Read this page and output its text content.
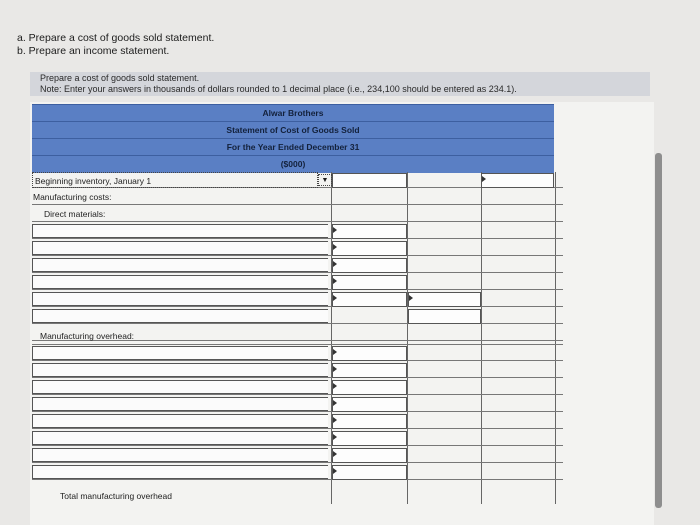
a. Prepare a cost of goods sold statement.
b. Prepare an income statement.
Prepare a cost of goods sold statement.
Note: Enter your answers in thousands of dollars rounded to 1 decimal place (i.e., 234,100 should be entered as 234.1).
Alwar Brothers
Statement of Cost of Goods Sold
For the Year Ended December 31
($000)
Beginning inventory, January 1	▼
Manufacturing costs:
Direct materials:
Manufacturing overhead:
Total manufacturing overhead
